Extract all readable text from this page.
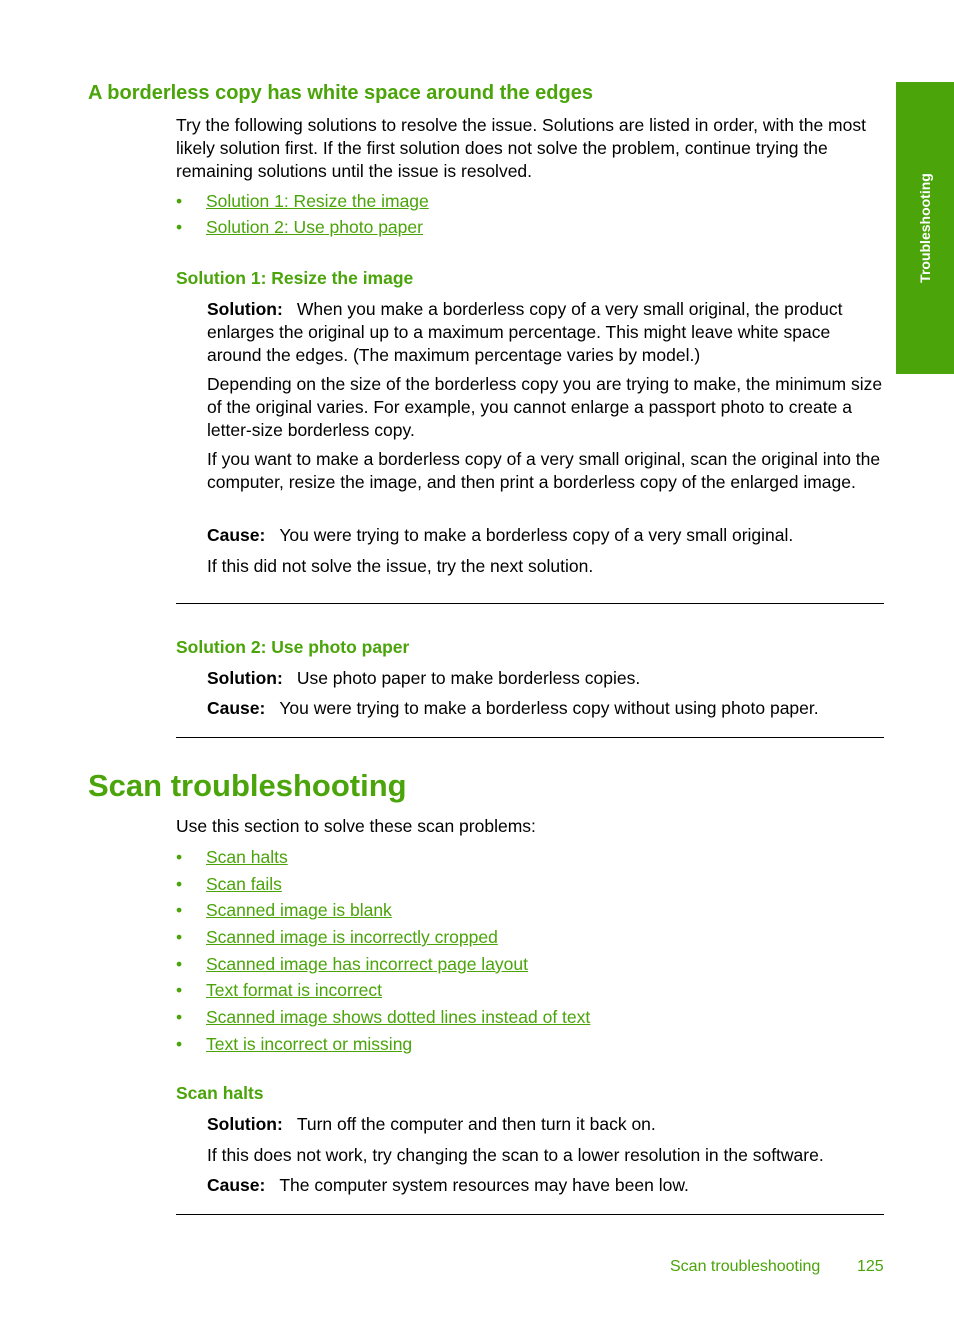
Troubleshooting
A borderless copy has white space around the edges

Try the following solutions to resolve the issue. Solutions are listed in order, with the most likely solution first. If the first solution does not solve the problem, continue trying the remaining solutions until the issue is resolved.

• Solution 1: Resize the image
• Solution 2: Use photo paper
Solution 1: Resize the image

Solution: When you make a borderless copy of a very small original, the product enlarges the original up to a maximum percentage. This might leave white space around the edges. (The maximum percentage varies by model.)

Depending on the size of the borderless copy you are trying to make, the minimum size of the original varies. For example, you cannot enlarge a passport photo to create a letter-size borderless copy.

If you want to make a borderless copy of a very small original, scan the original into the computer, resize the image, and then print a borderless copy of the enlarged image.

Cause: You were trying to make a borderless copy of a very small original.

If this did not solve the issue, try the next solution.

Solution 2: Use photo paper

Solution: Use photo paper to make borderless copies.

Cause: You were trying to make a borderless copy without using photo paper.

Scan troubleshooting

Use this section to solve these scan problems:

• Scan halts
• Scan fails
• Scanned image is blank
• Scanned image is incorrectly cropped
• Scanned image has incorrect page layout
• Text format is incorrect
• Scanned image shows dotted lines instead of text
• Text is incorrect or missing
Scan halts

Solution: Turn off the computer and then turn it back on.

If this does not work, try changing the scan to a lower resolution in the software.

Cause: The computer system resources may have been low.

Scan troubleshooting 125
